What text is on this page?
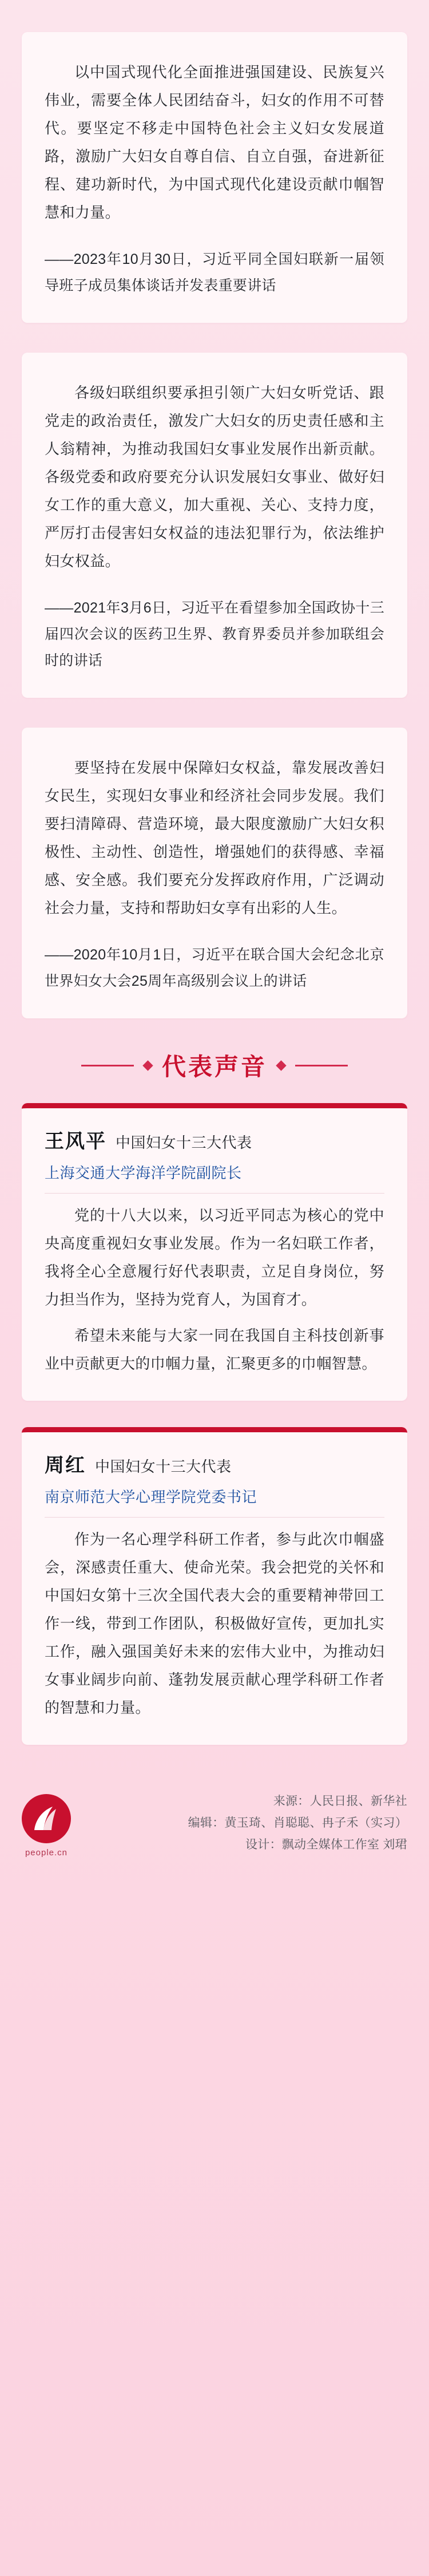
以中国式现代化全面推进强国建设、民族复兴伟业，需要全体人民团结奋斗，妇女的作用不可替代。要坚定不移走中国特色社会主义妇女发展道路，激励广大妇女自尊自信、自立自强，奋进新征程、建功新时代，为中国式现代化建设贡献巾帼智慧和力量。

——2023年10月30日，习近平同全国妇联新一届领导班子成员集体谈话并发表重要讲话

各级妇联组织要承担引领广大妇女听党话、跟党走的政治责任，激发广大妇女的历史责任感和主人翁精神，为推动我国妇女事业发展作出新贡献。各级党委和政府要充分认识发展妇女事业、做好妇女工作的重大意义，加大重视、关心、支持力度，严厉打击侵害妇女权益的违法犯罪行为，依法维护妇女权益。

——2021年3月6日，习近平在看望参加全国政协十三届四次会议的医药卫生界、教育界委员并参加联组会时的讲话

要坚持在发展中保障妇女权益，靠发展改善妇女民生，实现妇女事业和经济社会同步发展。我们要扫清障碍、营造环境，最大限度激励广大妇女积极性、主动性、创造性，增强她们的获得感、幸福感、安全感。我们要充分发挥政府作用，广泛调动社会力量，支持和帮助妇女享有出彩的人生。

——2020年10月1日，习近平在联合国大会纪念北京世界妇女大会25周年高级别会议上的讲话
代表声音
王风平 中国妇女十三大代表
上海交通大学海洋学院副院长

党的十八大以来，以习近平同志为核心的党中央高度重视妇女事业发展。作为一名妇联工作者，我将全心全意履行好代表职责，立足自身岗位，努力担当作为，坚持为党育人，为国育才。

希望未来能与大家一同在我国自主科技创新事业中贡献更大的巾帼力量，汇聚更多的巾帼智慧。

周红 中国妇女十三大代表
南京师范大学心理学院党委书记

作为一名心理学科研工作者，参与此次巾帼盛会，深感责任重大、使命光荣。我会把党的关怀和中国妇女第十三次全国代表大会的重要精神带回工作一线，带到工作团队，积极做好宣传，更加扎实工作，融入强国美好未来的宏伟大业中，为推动妇女事业阔步向前、蓬勃发展贡献心理学科研工作者的智慧和力量。

people.cn
来源：人民日报、新华社
编辑：黄玉琦、肖聪聪、冉子禾（实习）
设计：飘动全媒体工作室 刘珺
